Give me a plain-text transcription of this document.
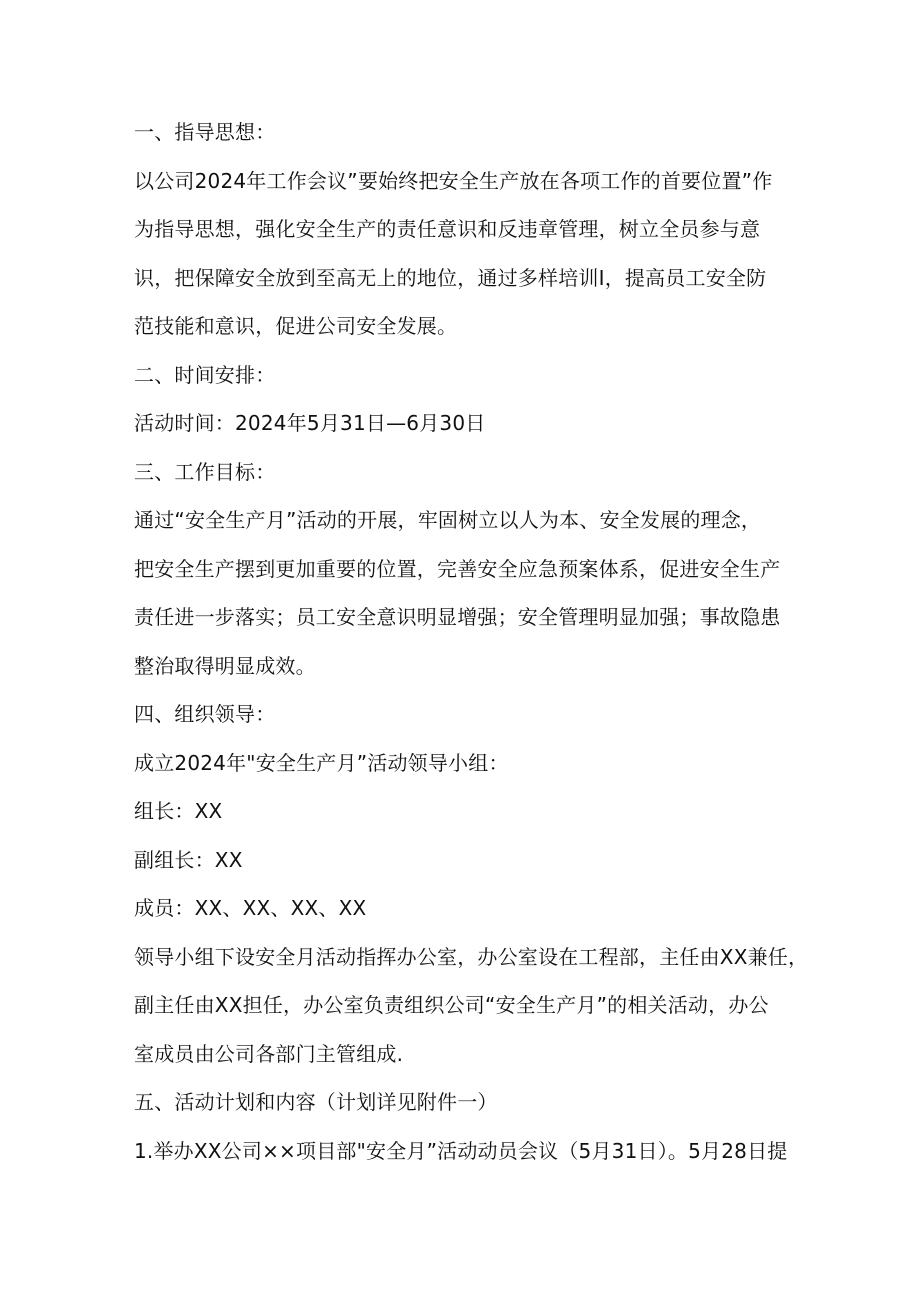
一、指导思想：

以公司2024年工作会议”要始终把安全生产放在各项工作的首要位置”作

为指导思想，强化安全生产的责任意识和反违章管理，树立全员参与意

识，把保障安全放到至高无上的地位，通过多样培训I，提高员工安全防

范技能和意识，促进公司安全发展。

二、时间安排：

活动时间：2024年5月31日—6月30日

三、工作目标：

通过“安全生产月”活动的开展，牢固树立以人为本、安全发展的理念，

把安全生产摆到更加重要的位置，完善安全应急预案体系，促进安全生产

责任进一步落实；员工安全意识明显增强；安全管理明显加强；事故隐患

整治取得明显成效。

四、组织领导：

成立2024年"安全生产月”活动领导小组：

组长：XX

副组长：XX

成员：XX、XX、XX、XX

领导小组下设安全月活动指挥办公室，办公室设在工程部，主任由XX兼任，

副主任由XX担任，办公室负责组织公司“安全生产月”的相关活动，办公

室成员由公司各部门主管组成.

五、活动计划和内容（计划详见附件一）

1.举办XX公司××项目部"安全月”活动动员会议（5月31日）。5月28日提
